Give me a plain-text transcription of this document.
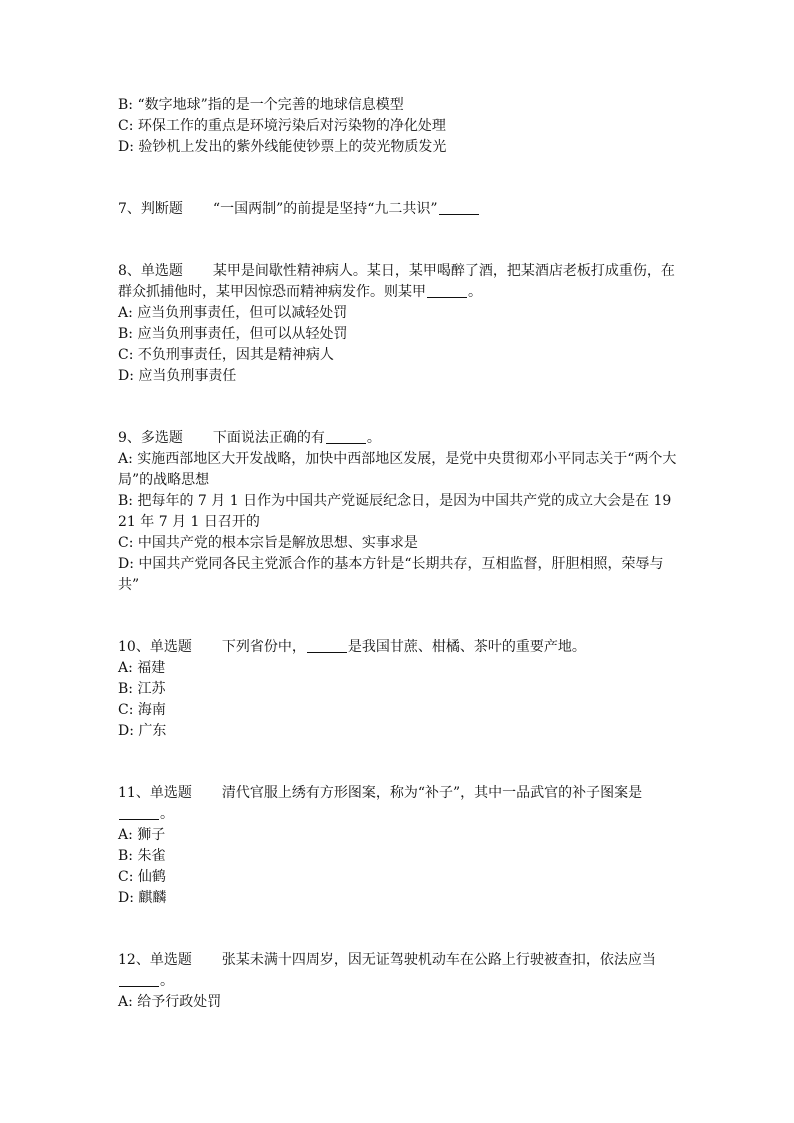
B: “数字地球”指的是一个完善的地球信息模型
C: 环保工作的重点是环境污染后对污染物的净化处理
D: 验钞机上发出的紫外线能使钞票上的荧光物质发光
7、判断题 “一国两制”的前提是坚持“九二共识”
8、单选题 某甲是间歇性精神病人。某日，某甲喝醉了酒，把某酒店老板打成重伤，在群众抓捕他时，某甲因惊恐而精神病发作。则某甲	。
A: 应当负刑事责任，但可以减轻处罚
B: 应当负刑事责任，但可以从轻处罚
C: 不负刑事责任，因其是精神病人
D: 应当负刑事责任
9、多选题 下面说法正确的有	。
A: 实施西部地区大开发战略，加快中西部地区发展，是党中央贯彻邓小平同志关于“两个大局”的战略思想
B: 把每年的 7 月 1 日作为中国共产党诞辰纪念日，是因为中国共产党的成立大会是在 1921 年 7 月 1 日召开的
C: 中国共产党的根本宗旨是解放思想、实事求是
D: 中国共产党同各民主党派合作的基本方针是“长期共存，互相监督，肝胆相照，荣辱与共”
10、单选题 下列省份中，	是我国甘蔗、柑橘、茶叶的重要产地。
A: 福建
B: 江苏
C: 海南
D: 广东
11、单选题 清代官服上绣有方形图案，称为“补子”，其中一品武官的补子图案是。
A: 狮子
B: 朱雀
C: 仙鹤
D: 麒麟
12、单选题 张某未满十四周岁，因无证驾驶机动车在公路上行驶被查扣，依法应当。
A: 给予行政处罚
